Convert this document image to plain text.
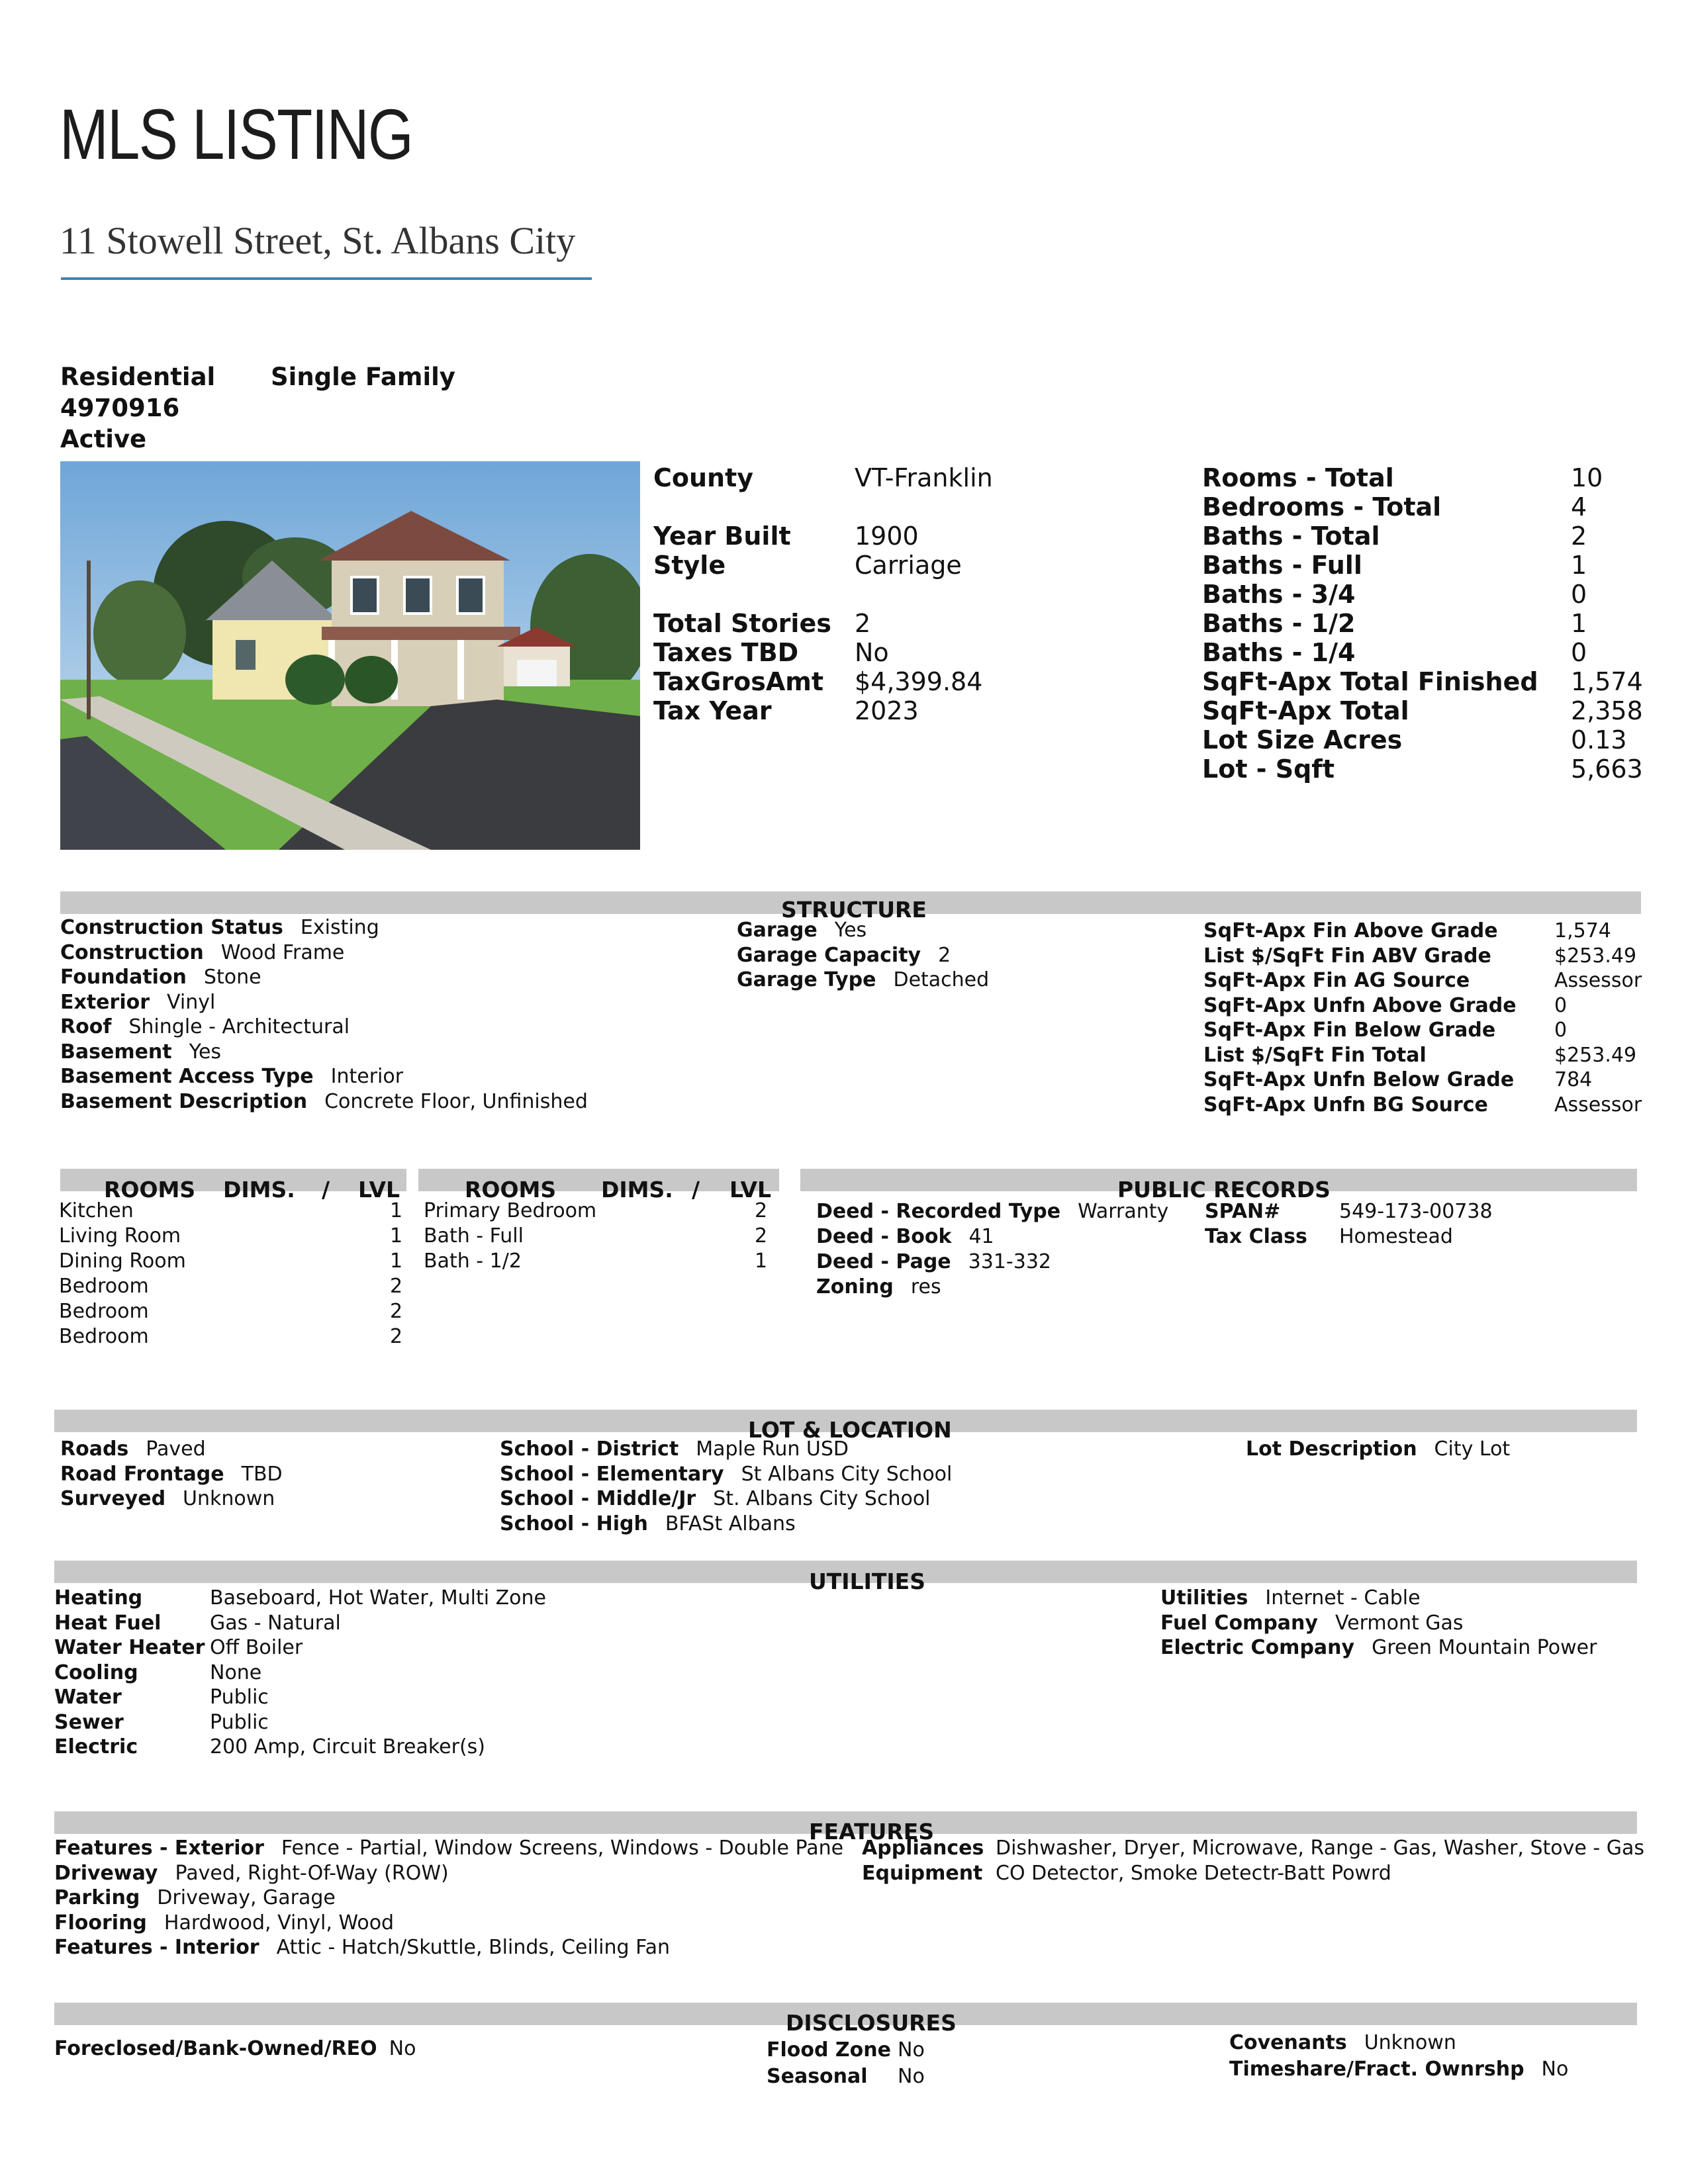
MLS LISTING
11 Stowell Street, St. Albans City
Residential Single Family
4970916
Active
County	VT-Franklin
Year Built	1900
Style	Carriage
Total Stories 2
Taxes TBD No
TaxGrosAmt $4,399.84
Tax Year	2023
Rooms - Total	10
Bedrooms - Total	4
Baths - Total	2
Baths - Full	1
Baths - 3/4	0
Baths - 1/2	1
Baths - 1/4	0
SqFt-Apx Total Finished 1,574
SqFt-Apx Total	2,358
Lot Size Acres	0.13
Lot - Sqft	5,663
STRUCTURE
Construction Status Existing
Construction Wood Frame
Foundation Stone
Exterior Vinyl
Roof Shingle - Architectural
Basement Yes
Basement Access Type Interior
Basement Description Concrete Floor, Unfinished
Garage Yes
Garage Capacity 2
Garage Type Detached
SqFt-Apx Fin Above Grade	1,574
List $/SqFt Fin ABV Grade	$253.49
SqFt-Apx Fin AG Source	Assessor
SqFt-Apx Unfn Above Grade 0
SqFt-Apx Fin Below Grade	0
List $/SqFt Fin Total	$253.49
SqFt-Apx Unfn Below Grade 784
SqFt-Apx Unfn BG Source	Assessor
ROOMS DIMS. / LVL	ROOMS DIMS. / LVL
Kitchen	1
Living Room	1
Dining Room	1
Bedroom	2
Bedroom	2
Bedroom	2
Primary Bedroom	2
Bath - Full	2
Bath - 1/2	1
PUBLIC RECORDS
Deed - Recorded Type Warranty
Deed - Book 41
Deed - Page 331-332
Zoning res
SPAN#	549-173-00738
Tax Class Homestead
LOT & LOCATION
Roads Paved
Road Frontage TBD
Surveyed Unknown
School - District Maple Run USD
School - Elementary St Albans City School
School - Middle/Jr St. Albans City School
School - High BFASt Albans
Lot Description City Lot
UTILITIES
Heating	Baseboard, Hot Water, Multi Zone
Heat Fuel Gas - Natural
Water Heater Off Boiler
Cooling	None
Water	Public
Sewer	Public
Electric	200 Amp, Circuit Breaker(s)
Utilities Internet - Cable
Fuel Company Vermont Gas
Electric Company Green Mountain Power
FEATURES
Features - Exterior Fence - Partial, Window Screens, Windows - Double Pane
Driveway Paved, Right-Of-Way (ROW)
Parking Driveway, Garage
Flooring Hardwood, Vinyl, Wood
Features - Interior Attic - Hatch/Skuttle, Blinds, Ceiling Fan
Appliances Dishwasher, Dryer, Microwave, Range - Gas, Washer, Stove - Gas
Equipment CO Detector, Smoke Detectr-Batt Powrd
DISCLOSURES
Foreclosed/Bank-Owned/REO No	Flood Zone No
Seasonal No
Covenants Unknown
Timeshare/Fract. Ownrshp No
